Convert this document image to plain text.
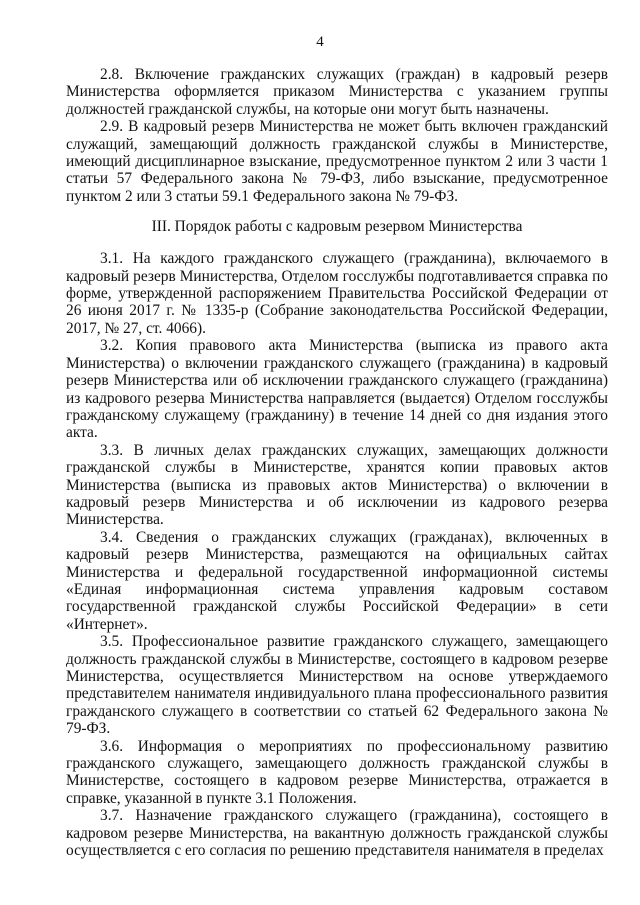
4

2.8. Включение гражданских служащих (граждан) в кадровый резерв Министерства оформляется приказом Министерства с указанием группы должностей гражданской службы, на которые они могут быть назначены.

2.9. В кадровый резерв Министерства не может быть включен гражданский служащий, замещающий должность гражданской службы в Министерстве, имеющий дисциплинарное взыскание, предусмотренное пунктом 2 или 3 части 1 статьи 57 Федерального закона № 79-ФЗ, либо взыскание, предусмотренное пунктом 2 или 3 статьи 59.1 Федерального закона № 79-ФЗ.

III. Порядок работы с кадровым резервом Министерства

3.1. На каждого гражданского служащего (гражданина), включаемого в кадровый резерв Министерства, Отделом госслужбы подготавливается справка по форме, утвержденной распоряжением Правительства Российской Федерации от 26 июня 2017 г. № 1335-р (Собрание законодательства Российской Федерации, 2017, № 27, ст. 4066).

3.2. Копия правового акта Министерства (выписка из правого акта Министерства) о включении гражданского служащего (гражданина) в кадровый резерв Министерства или об исключении гражданского служащего (гражданина) из кадрового резерва Министерства направляется (выдается) Отделом госслужбы гражданскому служащему (гражданину) в течение 14 дней со дня издания этого акта.

3.3. В личных делах гражданских служащих, замещающих должности гражданской службы в Министерстве, хранятся копии правовых актов Министерства (выписка из правовых актов Министерства) о включении в кадровый резерв Министерства и об исключении из кадрового резерва Министерства.

3.4. Сведения о гражданских служащих (гражданах), включенных в кадровый резерв Министерства, размещаются на официальных сайтах Министерства и федеральной государственной информационной системы «Единая информационная система управления кадровым составом государственной гражданской службы Российской Федерации» в сети «Интернет».

3.5. Профессиональное развитие гражданского служащего, замещающего должность гражданской службы в Министерстве, состоящего в кадровом резерве Министерства, осуществляется Министерством на основе утверждаемого представителем нанимателя индивидуального плана профессионального развития гражданского служащего в соответствии со статьей 62 Федерального закона № 79-ФЗ.

3.6. Информация о мероприятиях по профессиональному развитию гражданского служащего, замещающего должность гражданской службы в Министерстве, состоящего в кадровом резерве Министерства, отражается в справке, указанной в пункте 3.1 Положения.

3.7. Назначение гражданского служащего (гражданина), состоящего в кадровом резерве Министерства, на вакантную должность гражданской службы осуществляется с его согласия по решению представителя нанимателя в пределах
